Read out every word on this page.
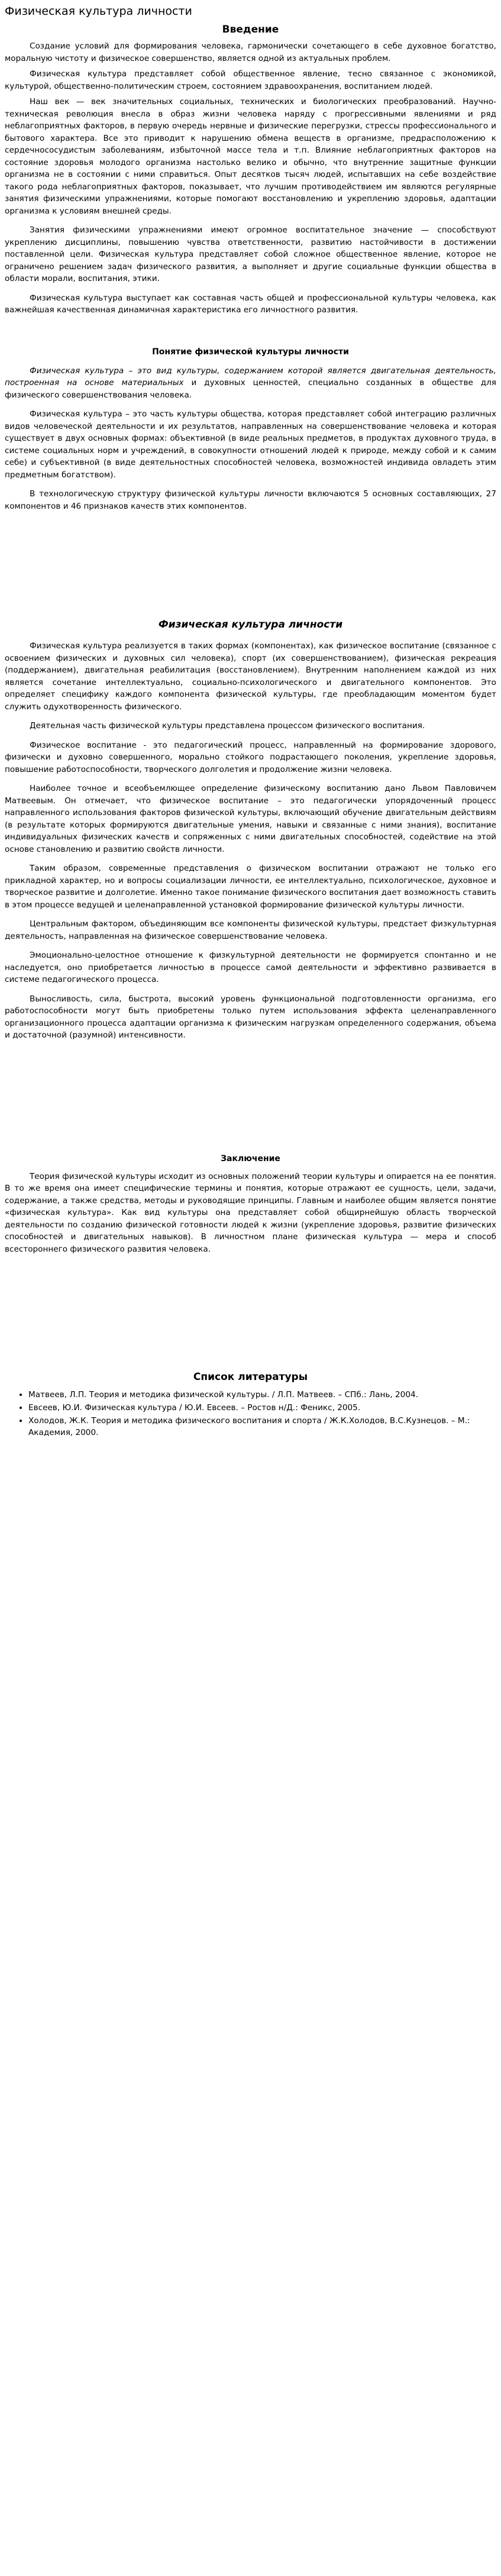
Физическая культура личности
Введение

Создание условий для формирования человека, гармонически сочетающего в себе духовное богатство, моральную чистоту и физическое совершенство, является одной из актуальных проблем.

Физическая культура представляет собой общественное явление, тесно связанное с экономикой, культурой, общественно-политическим строем, состоянием здравоохранения, воспитанием людей.

Наш век — век значительных социальных, технических и биологических преобразований. Научно-техническая революция внесла в образ жизни человека наряду с прогрессивными явлениями и ряд неблагоприятных факторов, в первую очередь нервные и физические перегрузки, стрессы профессионального и бытового характера. Все это приводит к нарушению обмена веществ в организме, предрасположению к сердечнососудистым заболеваниям, избыточной массе тела и т.п. Влияние неблагоприятных факторов на состояние здоровья молодого организма настолько велико и обычно, что внутренние защитные функции организма не в состоянии с ними справиться. Опыт десятков тысяч людей, испытавших на себе воздействие такого рода неблагоприятных факторов, показывает, что лучшим противодействием им являются регулярные занятия физическими упражнениями, которые помогают восстановлению и укреплению здоровья, адаптации организма к условиям внешней среды.

Занятия физическими упражнениями имеют огромное воспитательное значение — способствуют укреплению дисциплины, повышению чувства ответственности, развитию настойчивости в достижении поставленной цели. Физическая культура представляет собой сложное общественное явление, которое не ограничено решением задач физического развития, а выполняет и другие социальные функции общества в области морали, воспитания, этики.

Физическая культура выступает как составная часть общей и профессиональной культуры человека, как важнейшая качественная динамичная характеристика его личностного развития.

Понятие физической культуры личности

Физическая культура – это вид культуры, содержанием которой является двигательная деятельность, построенная на основе материальных и духовных ценностей, специально созданных в обществе для физического совершенствования человека.

Физическая культура – это часть культуры общества, которая представляет собой интеграцию различных видов человеческой деятельности и их результатов, направленных на совершенствование человека и которая существует в двух основных формах: объективной (в виде реальных предметов, в продуктах духовного труда, в системе социальных норм и учреждений, в совокупности отношений людей к природе, между собой и к самим себе) и субъективной (в виде деятельностных способностей человека, возможностей индивида овладеть этим предметным богатством).

В технологическую структуру физической культуры личности включаются 5 основных составляющих, 27 компонентов и 46 признаков качеств этих компонентов.

Физическая культура личности

Физическая культура реализуется в таких формах (компонентах), как физическое воспитание (связанное с освоением физических и духовных сил человека), спорт (их совершенствованием), физическая рекреация (поддержанием), двигательная реабилитация (восстановлением). Внутренним наполнением каждой из них является сочетание интеллектуально, социально-психологического и двигательного компонентов. Это определяет специфику каждого компонента физической культуры, где преобладающим моментом будет служить одухотворенность физического.

Деятельная часть физической культуры представлена процессом физического воспитания.

Физическое воспитание - это педагогический процесс, направленный на формирование здорового, физически и духовно совершенного, морально стойкого подрастающего поколения, укрепление здоровья, повышение работоспособности, творческого долголетия и продолжение жизни человека.

Наиболее точное и всеобъемлющее определение физическому воспитанию дано Львом Павловичем Матвеевым. Он отмечает, что физическое воспитание – это педагогически упорядоченный процесс направленного использования факторов физической культуры, включающий обучение двигательным действиям (в результате которых формируются двигательные умения, навыки и связанные с ними знания), воспитание индивидуальных физических качеств и сопряженных с ними двигательных способностей, содействие на этой основе становлению и развитию свойств личности.

Таким образом, современные представления о физическом воспитании отражают не только его прикладной характер, но и вопросы социализации личности, ее интеллектуально, психологическое, духовное и творческое развитие и долголетие. Именно такое понимание физического воспитания дает возможность ставить в этом процессе ведущей и целенаправленной установкой формирование физической культуры личности.

Центральным фактором, объединяющим все компоненты физической культуры, предстает физкультурная деятельность, направленная на физическое совершенствование человека.

Эмоционально-целостное отношение к физкультурной деятельности не формируется спонтанно и не наследуется, оно приобретается личностью в процессе самой деятельности и эффективно развивается в системе педагогического процесса.

Выносливость, сила, быстрота, высокий уровень функциональной подготовленности организма, его работоспособности могут быть приобретены только путем использования эффекта целенаправленного организационного процесса адаптации организма к физическим нагрузкам определенного содержания, объема и достаточной (разумной) интенсивности.

Заключение

Теория физической культуры исходит из основных положений теории культуры и опирается на ее понятия. В то же время она имеет специфические термины и понятия, которые отражают ее сущность, цели, задачи, содержание, а также средства, методы и руководящие принципы. Главным и наиболее общим является понятие «физическая культура». Как вид культуры она представляет собой общирнейшую область творческой деятельности по созданию физической готовности людей к жизни (укрепление здоровья, развитие физических способностей и двигательных навыков). В личностном плане физическая культура — мера и способ всестороннего физического развития человека.

Список литературы
• Матвеев, Л.П. Теория и методика физической культуры. / Л.П. Матвеев. – СПб.: Лань, 2004.
• Евсеев, Ю.И. Физическая культура / Ю.И. Евсеев. – Ростов н/Д.: Феникс, 2005.
• Холодов, Ж.К. Теория и методика физического воспитания и спорта / Ж.К.Холодов, В.С.Кузнецов. – М.: Академия, 2000.
